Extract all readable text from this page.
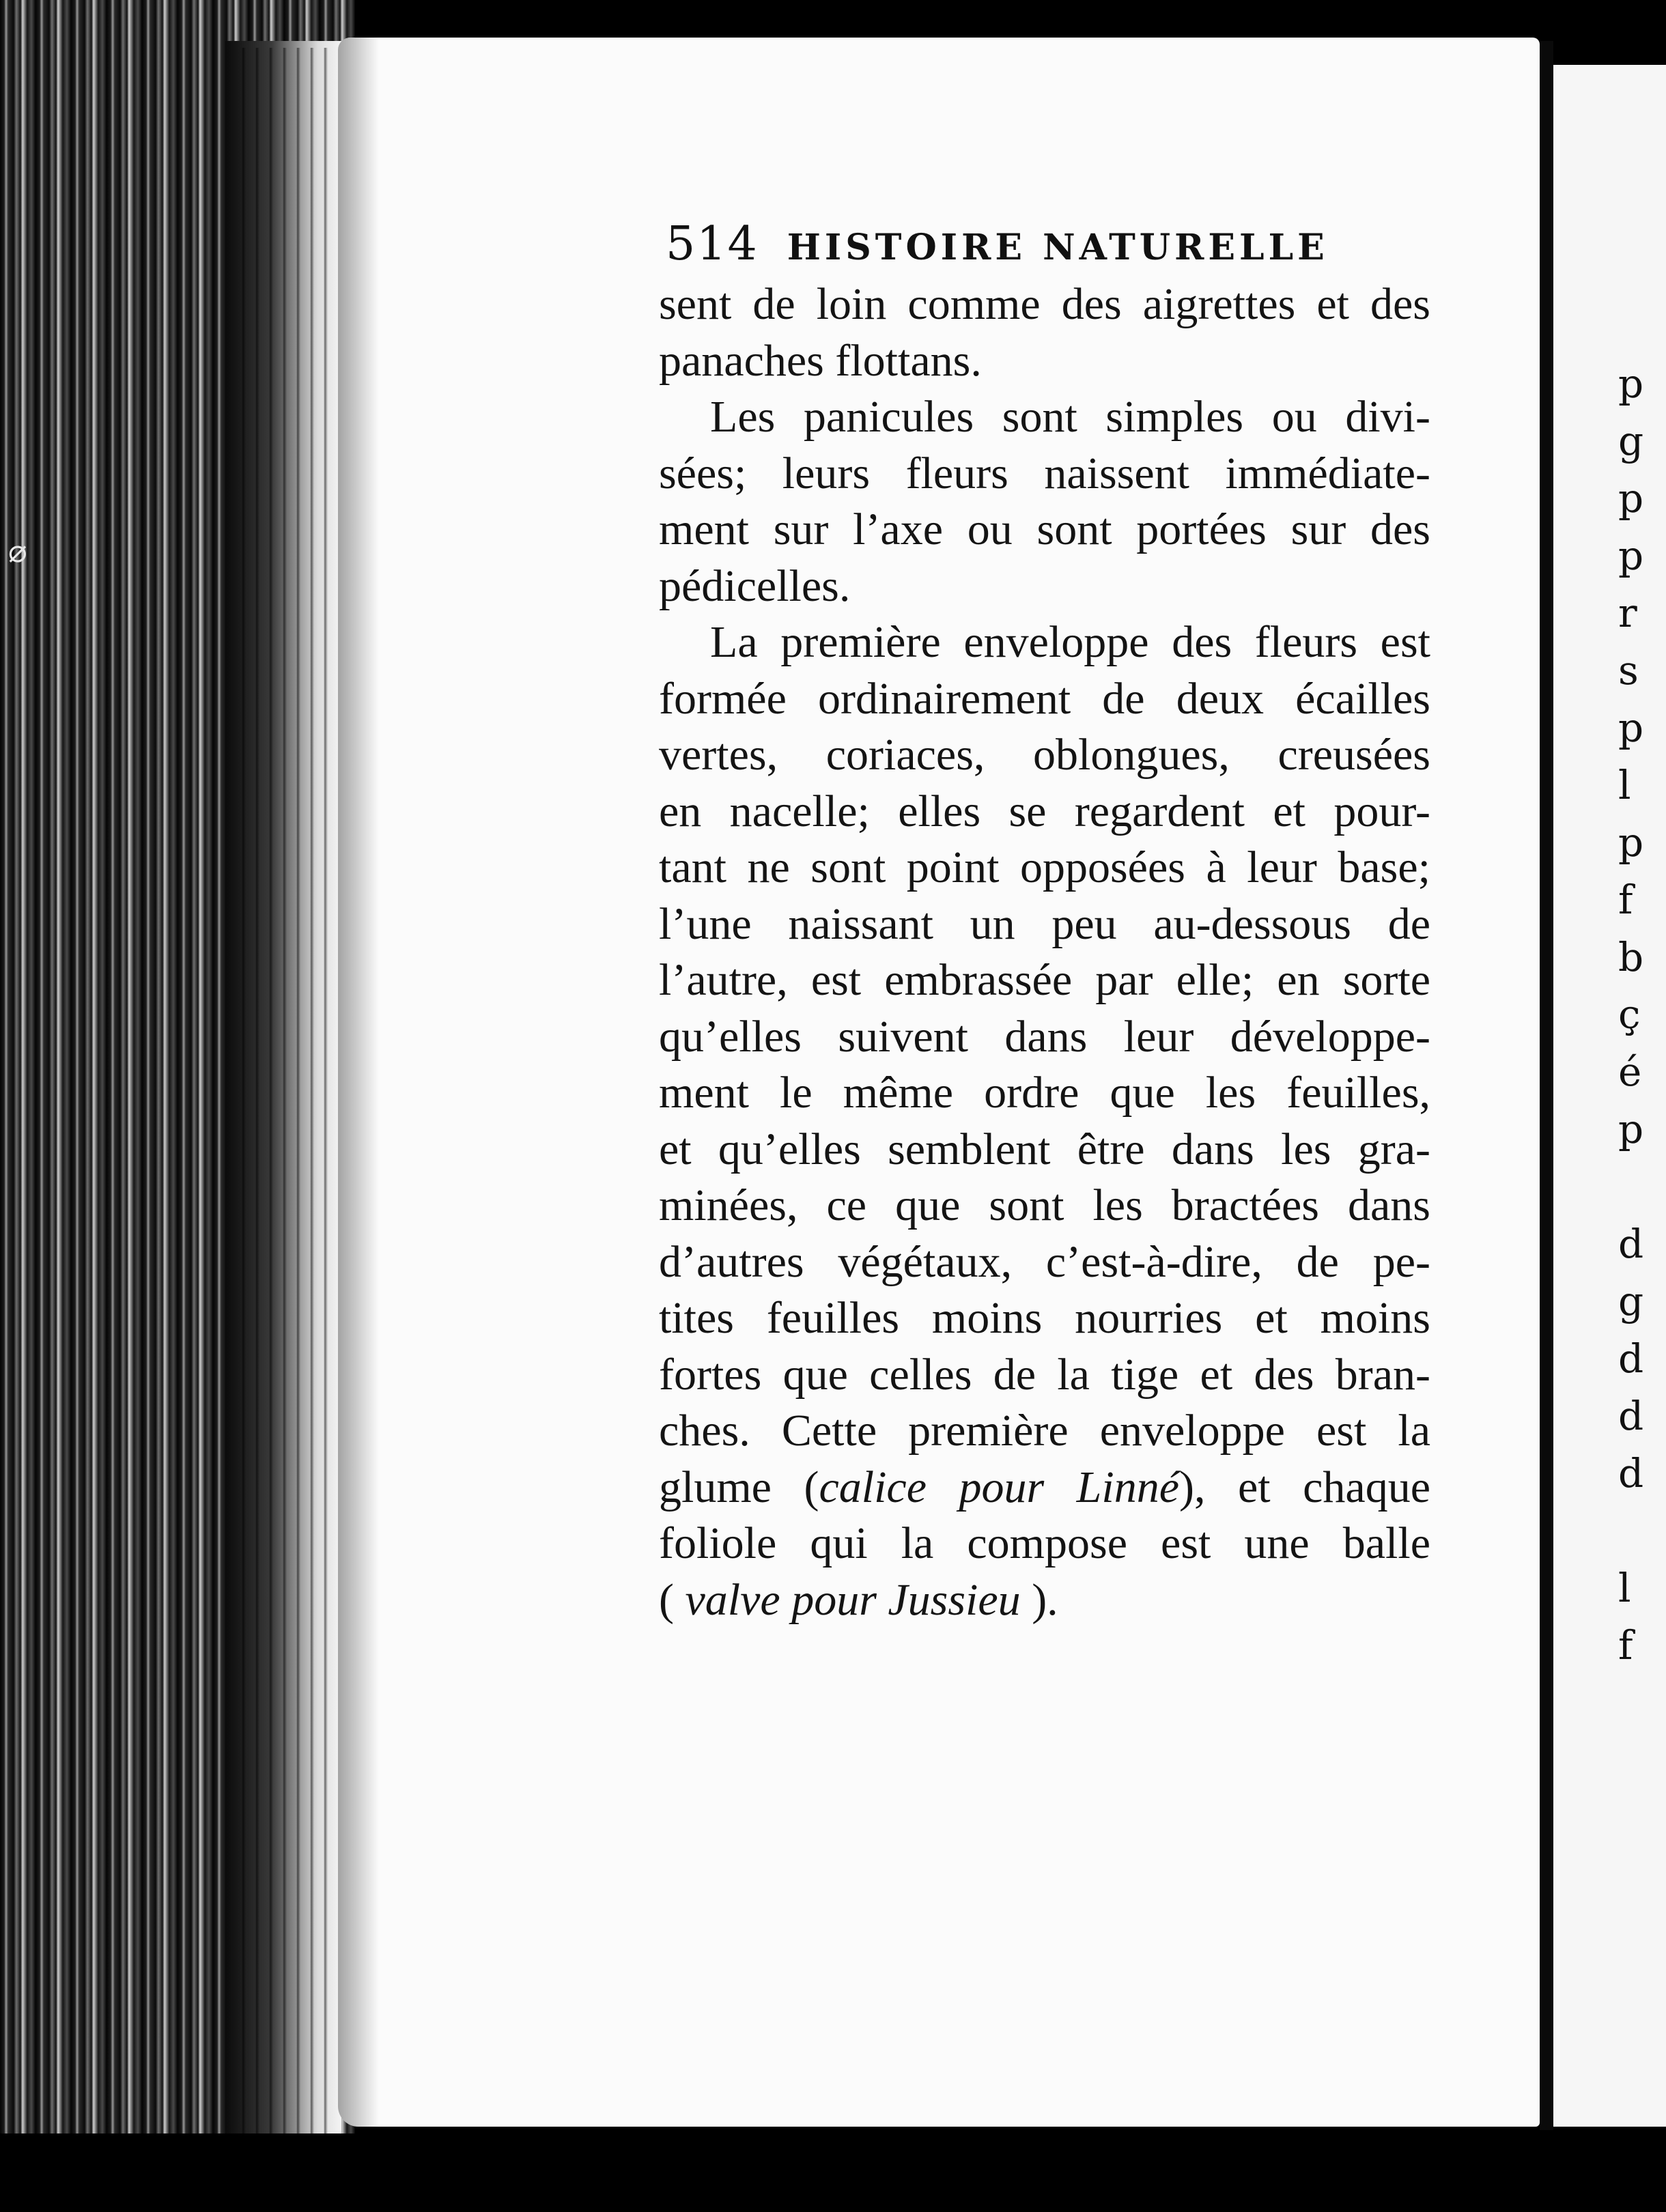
⌀
p
g
p
p
r
s
p
l
p
f
b
ç
é
p
d
g
d
d
d
l
f
514 HISTOIRE NATURELLE
sent de loin comme des aigrettes et des
panaches flottans.
Les panicules sont simples ou divi-
sées; leurs fleurs naissent immédiate-
ment sur l’axe ou sont portées sur des
pédicelles.
La première enveloppe des fleurs est
formée ordinairement de deux écailles
vertes, coriaces, oblongues, creusées
en nacelle; elles se regardent et pour-
tant ne sont point opposées à leur base;
l’une naissant un peu au-dessous de
l’autre, est embrassée par elle; en sorte
qu’elles suivent dans leur développe-
ment le même ordre que les feuilles,
et qu’elles semblent être dans les gra-
minées, ce que sont les bractées dans
d’autres végétaux, c’est-à-dire, de pe-
tites feuilles moins nourries et moins
fortes que celles de la tige et des bran-
ches. Cette première enveloppe est la
glume (calice pour Linné), et chaque
foliole qui la compose est une balle
( valve pour Jussieu ).
